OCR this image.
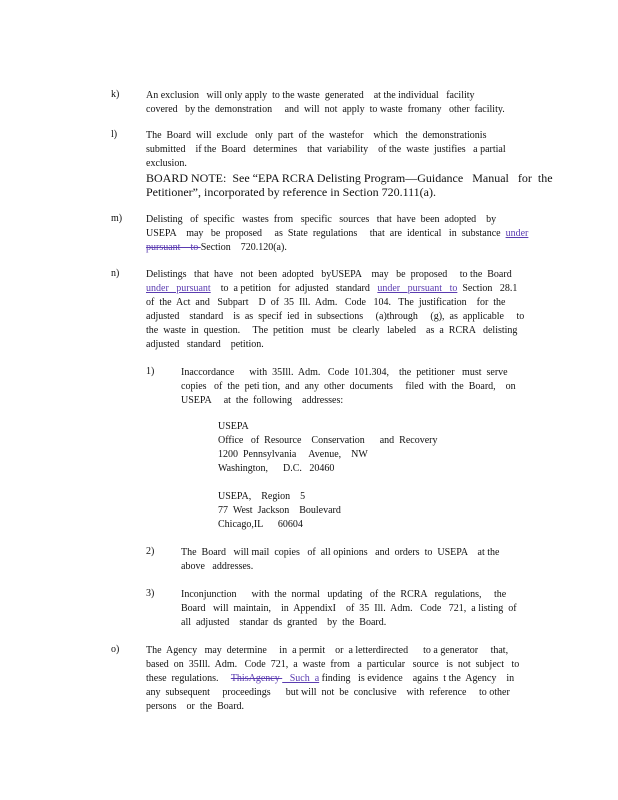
k)	An exclusion   will only apply  to the waste  generated    at the individual   facility
covered   by the  demonstration     and  will  not  apply  to waste  fromany   other  facility.
l)	The  Board  will  exclude   only  part  of  the  wastefor    which   the  demonstrationis
submitted    if the  Board   determines    that  variability    of the  waste  justifies   a partial
exclusion.
BOARD NOTE:  See “EPA RCRA Delisting Program—Guidance   Manual   for  the
Petitioner”, incorporated by reference in Section 720.111(a).
m) Delisting   of  specific   wastes  from   specific   sources   that  have  been  adopted    by
USEPA    may   be  proposed     as  State  regulations     that  are  identical   in  substance  under
pursuant    to Section    720.120(a).
n)	Delistings   that  have   not  been  adopted   byUSEPA    may   be  proposed     to the  Board
under   pursuant    to  a petition   for  adjusted   standard   under   pursuant   to  Section   28.1
of  the  Act  and   Subpart    D  of  35  Ill.  Adm.   Code   104.   The  justification    for  the
adjusted    standard    is  as  specif  ied  in  subsections     (a)through     (g),  as  applicable     to
the  waste  in  question.     The  petition   must   be  clearly   labeled    as  a  RCRA   delisting
adjusted   standard    petition.
1)	Inaccordance      with  35Ill.  Adm.   Code  101.304,    the  petitioner   must  serve
copies   of  the  peti tion,  and  any  other  documents     filed  with  the  Board,    on
USEPA     at  the  following    addresses:
USEPA
Office   of  Resource    Conservation      and  Recovery
1200  Pennsylvania     Avenue,    NW
Washington,      D.C.   20460
USEPA,    Region    5
77  West  Jackson    Boulevard
Chicago,IL      60604
2)	The  Board   will mail  copies   of  all opinions   and  orders  to  USEPA    at the
above   addresses.
3)	Inconjunction      with  the  normal   updating   of  the  RCRA   regulations,     the
Board   will  maintain,    in  AppendixI    of  35  Ill.  Adm.   Code   721,  a listing  of
all  adjusted    standar  ds  granted    by  the  Board.
o)	The  Agency   may  determine     in  a permit    or  a letterdirected      to a generator     that,
based  on  35Ill.  Adm.   Code  721,  a  waste  from   a  particular   source   is  not  subject   to
these  regulations.     ThisAgency    Such  a finding   is evidence    agains  t the  Agency    in
any  subsequent     proceedings      but will  not  be  conclusive    with  reference     to other
persons    or  the  Board.
